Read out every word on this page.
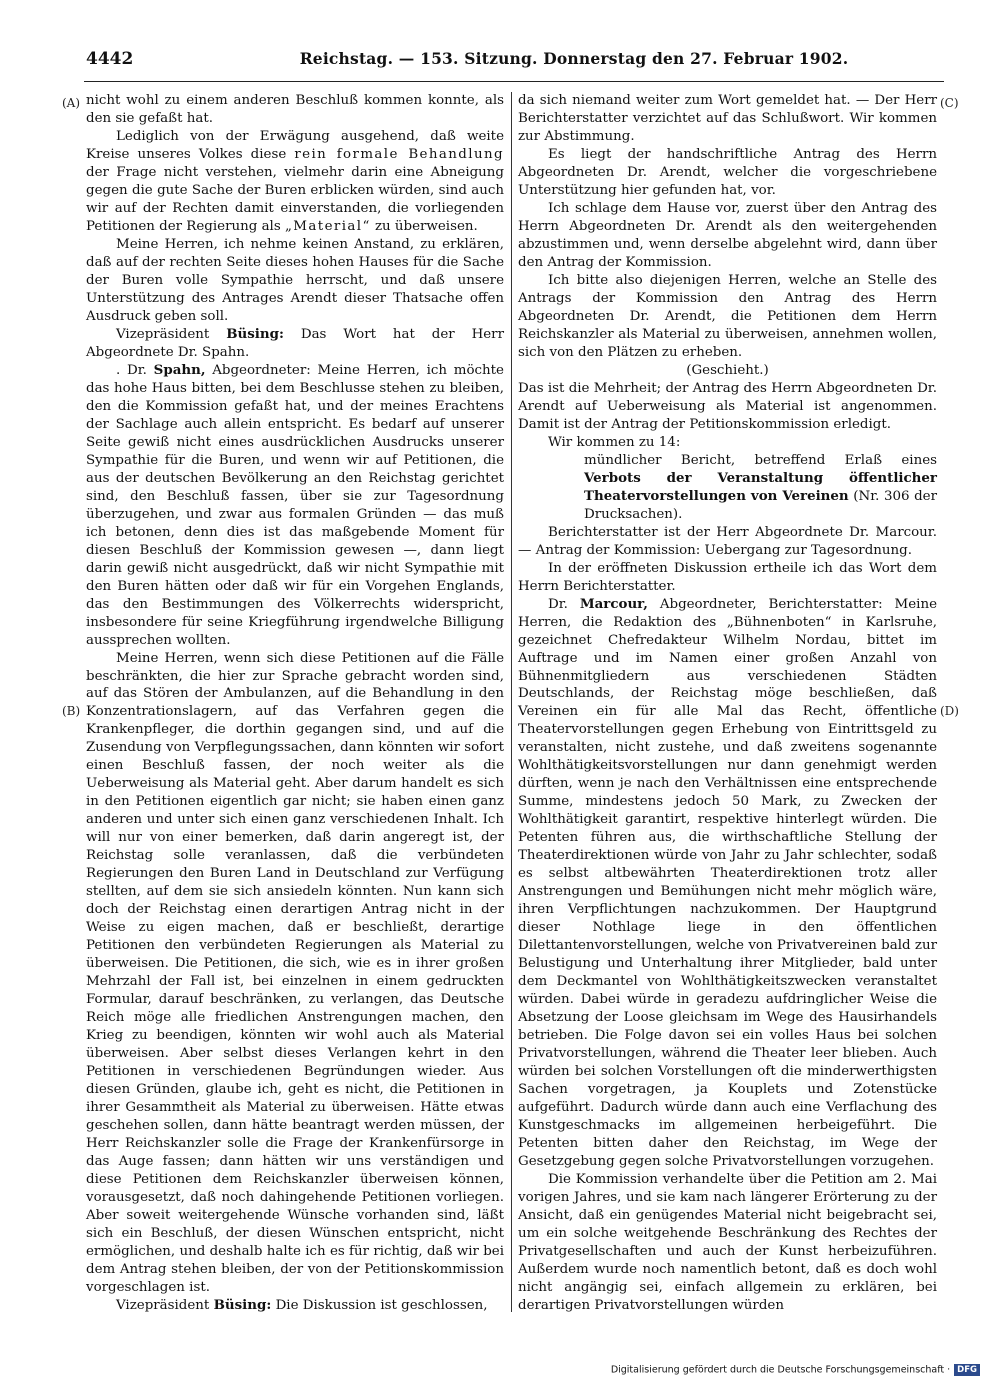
4442	Reichstag. — 153. Sitzung. Donnerstag den 27. Februar 1902.
(A)
(B)
(C)
(D)

nicht wohl zu einem anderen Beschluß kommen konnte, als den sie gefaßt hat.

Lediglich von der Erwägung ausgehend, daß weite Kreise unseres Volkes diese rein formale Behandlung der Frage nicht verstehen, vielmehr darin eine Abneigung gegen die gute Sache der Buren erblicken würden, sind auch wir auf der Rechten damit einverstanden, die vorliegenden Petitionen der Regierung als „Material“ zu überweisen.

Meine Herren, ich nehme keinen Anstand, zu erklären, daß auf der rechten Seite dieses hohen Hauses für die Sache der Buren volle Sympathie herrscht, und daß unsere Unterstützung des Antrages Arendt dieser Thatsache offen Ausdruck geben soll.

Vizepräsident Büsing: Das Wort hat der Herr Abgeordnete Dr. Spahn.

. Dr. Spahn, Abgeordneter: Meine Herren, ich möchte das hohe Haus bitten, bei dem Beschlusse stehen zu bleiben, den die Kommission gefaßt hat, und der meines Erachtens der Sachlage auch allein entspricht. Es bedarf auf unserer Seite gewiß nicht eines ausdrücklichen Ausdrucks unserer Sympathie für die Buren, und wenn wir auf Petitionen, die aus der deutschen Bevölkerung an den Reichstag gerichtet sind, den Beschluß fassen, über sie zur Tagesordnung überzugehen, und zwar aus formalen Gründen — das muß ich betonen, denn dies ist das maßgebende Moment für diesen Beschluß der Kommission gewesen —, dann liegt darin gewiß nicht ausgedrückt, daß wir nicht Sympathie mit den Buren hätten oder daß wir für ein Vorgehen Englands, das den Bestimmungen des Völkerrechts widerspricht, insbesondere für seine Kriegführung irgendwelche Billigung aussprechen wollten.

Meine Herren, wenn sich diese Petitionen auf die Fälle beschränkten, die hier zur Sprache gebracht worden sind, auf das Stören der Ambulanzen, auf die Behandlung in den Konzentrationslagern, auf das Verfahren gegen die Krankenpfleger, die dorthin gegangen sind, und auf die Zusendung von Verpflegungssachen, dann könnten wir sofort einen Beschluß fassen, der noch weiter als die Ueberweisung als Material geht. Aber darum handelt es sich in den Petitionen eigentlich gar nicht; sie haben einen ganz anderen und unter sich einen ganz verschiedenen Inhalt. Ich will nur von einer bemerken, daß darin angeregt ist, der Reichstag solle veranlassen, daß die verbündeten Regierungen den Buren Land in Deutschland zur Verfügung stellten, auf dem sie sich ansiedeln könnten. Nun kann sich doch der Reichstag einen derartigen Antrag nicht in der Weise zu eigen machen, daß er beschließt, derartige Petitionen den verbündeten Regierungen als Material zu überweisen. Die Petitionen, die sich, wie es in ihrer großen Mehrzahl der Fall ist, bei einzelnen in einem gedruckten Formular, darauf beschränken, zu verlangen, das Deutsche Reich möge alle friedlichen Anstrengungen machen, den Krieg zu beendigen, könnten wir wohl auch als Material überweisen. Aber selbst dieses Verlangen kehrt in den Petitionen in verschiedenen Begründungen wieder. Aus diesen Gründen, glaube ich, geht es nicht, die Petitionen in ihrer Gesammtheit als Material zu überweisen. Hätte etwas geschehen sollen, dann hätte beantragt werden müssen, der Herr Reichskanzler solle die Frage der Krankenfürsorge in das Auge fassen; dann hätten wir uns verständigen und diese Petitionen dem Reichskanzler überweisen können, vorausgesetzt, daß noch dahingehende Petitionen vorliegen. Aber soweit weitergehende Wünsche vorhanden sind, läßt sich ein Beschluß, der diesen Wünschen entspricht, nicht ermöglichen, und deshalb halte ich es für richtig, daß wir bei dem Antrag stehen bleiben, der von der Petitionskommission vorgeschlagen ist.

Vizepräsident Büsing: Die Diskussion ist geschlossen,

da sich niemand weiter zum Wort gemeldet hat. — Der Herr Berichterstatter verzichtet auf das Schlußwort. Wir kommen zur Abstimmung.

Es liegt der handschriftliche Antrag des Herrn Abgeordneten Dr. Arendt, welcher die vorgeschriebene Unterstützung hier gefunden hat, vor.

Ich schlage dem Hause vor, zuerst über den Antrag des Herrn Abgeordneten Dr. Arendt als den weitergehenden abzustimmen und, wenn derselbe abgelehnt wird, dann über den Antrag der Kommission.

Ich bitte also diejenigen Herren, welche an Stelle des Antrags der Kommission den Antrag des Herrn Abgeordneten Dr. Arendt, die Petitionen dem Herrn Reichskanzler als Material zu überweisen, annehmen wollen, sich von den Plätzen zu erheben.

(Geschieht.)

Das ist die Mehrheit; der Antrag des Herrn Abgeordneten Dr. Arendt auf Ueberweisung als Material ist angenommen. Damit ist der Antrag der Petitionskommission erledigt.

Wir kommen zu 14:

mündlicher Bericht, betreffend Erlaß eines Verbots der Veranstaltung öffentlicher Theatervorstellungen von Vereinen (Nr. 306 der Drucksachen).

Berichterstatter ist der Herr Abgeordnete Dr. Marcour. — Antrag der Kommission: Uebergang zur Tagesordnung.

In der eröffneten Diskussion ertheile ich das Wort dem Herrn Berichterstatter.

Dr. Marcour, Abgeordneter, Berichterstatter: Meine Herren, die Redaktion des „Bühnenboten“ in Karlsruhe, gezeichnet Chefredakteur Wilhelm Nordau, bittet im Auftrage und im Namen einer großen Anzahl von Bühnenmitgliedern aus verschiedenen Städten Deutschlands, der Reichstag möge beschließen, daß Vereinen ein für alle Mal das Recht, öffentliche Theatervorstellungen gegen Erhebung von Eintrittsgeld zu veranstalten, nicht zustehe, und daß zweitens sogenannte Wohlthätigkeitsvorstellungen nur dann genehmigt werden dürften, wenn je nach den Verhältnissen eine entsprechende Summe, mindestens jedoch 50 Mark, zu Zwecken der Wohlthätigkeit garantirt, respektive hinterlegt würden. Die Petenten führen aus, die wirthschaftliche Stellung der Theaterdirektionen würde von Jahr zu Jahr schlechter, sodaß es selbst altbewährten Theaterdirektionen trotz aller Anstrengungen und Bemühungen nicht mehr möglich wäre, ihren Verpflichtungen nachzukommen. Der Hauptgrund dieser Nothlage liege in den öffentlichen Dilettantenvorstellungen, welche von Privatvereinen bald zur Belustigung und Unterhaltung ihrer Mitglieder, bald unter dem Deckmantel von Wohlthätigkeitszwecken veranstaltet würden. Dabei würde in geradezu aufdringlicher Weise die Absetzung der Loose gleichsam im Wege des Hausirhandels betrieben. Die Folge davon sei ein volles Haus bei solchen Privatvorstellungen, während die Theater leer blieben. Auch würden bei solchen Vorstellungen oft die minderwerthigsten Sachen vorgetragen, ja Kouplets und Zotenstücke aufgeführt. Dadurch würde dann auch eine Verflachung des Kunstgeschmacks im allgemeinen herbeigeführt. Die Petenten bitten daher den Reichstag, im Wege der Gesetzgebung gegen solche Privatvorstellungen vorzugehen.

Die Kommission verhandelte über die Petition am 2. Mai vorigen Jahres, und sie kam nach längerer Erörterung zu der Ansicht, daß ein genügendes Material nicht beigebracht sei, um ein solche weitgehende Beschränkung des Rechtes der Privatgesellschaften und auch der Kunst herbeizuführen. Außerdem wurde noch namentlich betont, daß es doch wohl nicht angängig sei, einfach allgemein zu erklären, bei derartigen Privatvorstellungen würden

Digitalisierung gefördert durch die Deutsche Forschungsgemeinschaft · DFG
